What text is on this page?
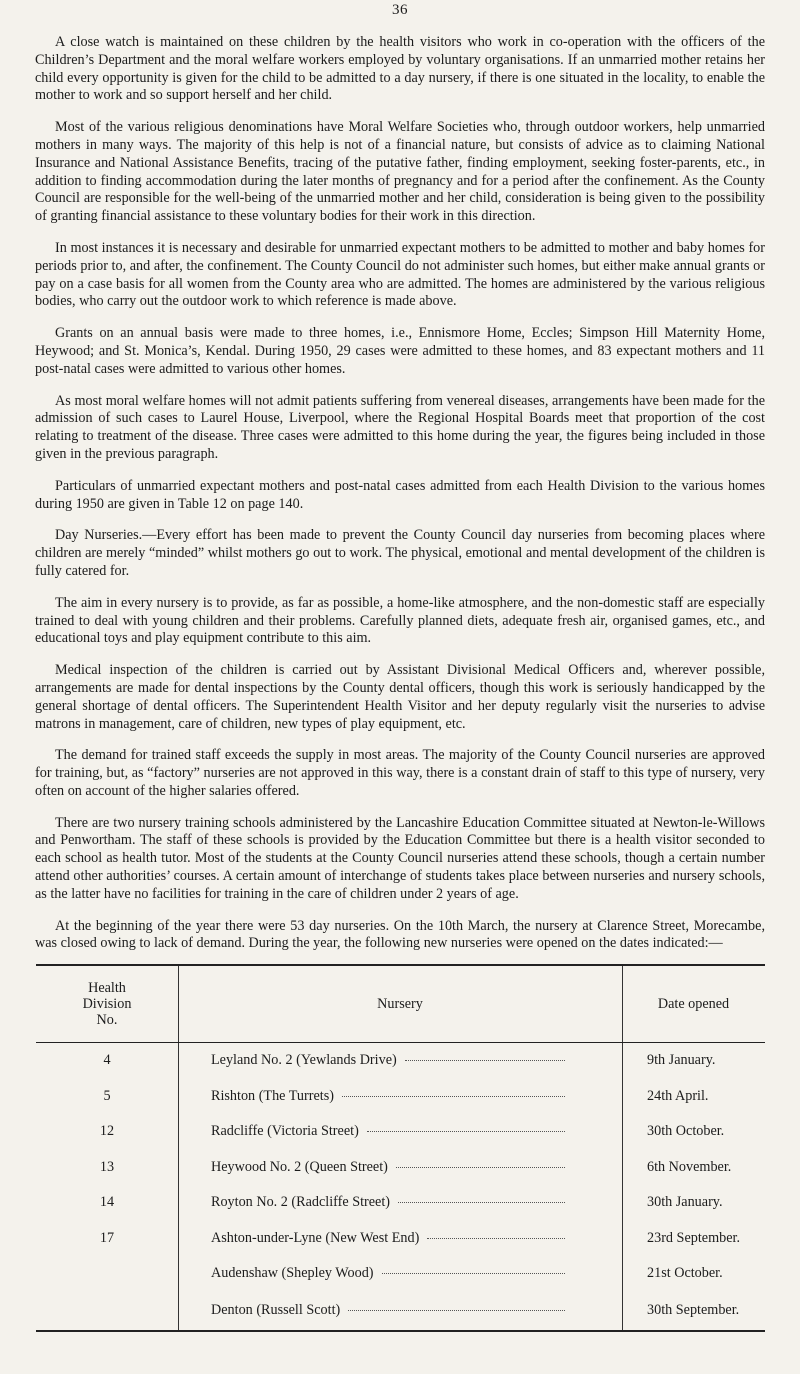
36

A close watch is maintained on these children by the health visitors who work in co-operation with the officers of the Children’s Department and the moral welfare workers employed by voluntary organisations. If an unmarried mother retains her child every opportunity is given for the child to be admitted to a day nursery, if there is one situated in the locality, to enable the mother to work and so support herself and her child.

Most of the various religious denominations have Moral Welfare Societies who, through outdoor workers, help unmarried mothers in many ways. The majority of this help is not of a financial nature, but consists of advice as to claiming National Insurance and National Assistance Benefits, tracing of the putative father, finding employment, seeking foster-parents, etc., in addition to finding accommodation during the later months of pregnancy and for a period after the confinement. As the County Council are responsible for the well-being of the unmarried mother and her child, consideration is being given to the possibility of granting financial assistance to these voluntary bodies for their work in this direction.

In most instances it is necessary and desirable for unmarried expectant mothers to be admitted to mother and baby homes for periods prior to, and after, the confinement. The County Council do not administer such homes, but either make annual grants or pay on a case basis for all women from the County area who are admitted. The homes are administered by the various religious bodies, who carry out the outdoor work to which reference is made above.

Grants on an annual basis were made to three homes, i.e., Ennismore Home, Eccles; Simpson Hill Maternity Home, Heywood; and St. Monica’s, Kendal. During 1950, 29 cases were admitted to these homes, and 83 expectant mothers and 11 post-natal cases were admitted to various other homes.

As most moral welfare homes will not admit patients suffering from venereal diseases, arrangements have been made for the admission of such cases to Laurel House, Liverpool, where the Regional Hospital Boards meet that proportion of the cost relating to treatment of the disease. Three cases were admitted to this home during the year, the figures being included in those given in the previous paragraph.

Particulars of unmarried expectant mothers and post-natal cases admitted from each Health Division to the various homes during 1950 are given in Table 12 on page 140.

Day Nurseries.—Every effort has been made to prevent the County Council day nurseries from becoming places where children are merely “minded” whilst mothers go out to work. The physical, emotional and mental development of the children is fully catered for.

The aim in every nursery is to provide, as far as possible, a home-like atmosphere, and the non-domestic staff are especially trained to deal with young children and their problems. Carefully planned diets, adequate fresh air, organised games, etc., and educational toys and play equipment contribute to this aim.

Medical inspection of the children is carried out by Assistant Divisional Medical Officers and, wherever possible, arrangements are made for dental inspections by the County dental officers, though this work is seriously handicapped by the general shortage of dental officers. The Superintendent Health Visitor and her deputy regularly visit the nurseries to advise matrons in management, care of children, new types of play equipment, etc.

The demand for trained staff exceeds the supply in most areas. The majority of the County Council nurseries are approved for training, but, as “factory” nurseries are not approved in this way, there is a constant drain of staff to this type of nursery, very often on account of the higher salaries offered.

There are two nursery training schools administered by the Lancashire Education Committee situated at Newton-le-Willows and Penwortham. The staff of these schools is provided by the Education Committee but there is a health visitor seconded to each school as health tutor. Most of the students at the County Council nurseries attend these schools, though a certain number attend other authorities’ courses. A certain amount of interchange of students takes place between nurseries and nursery schools, as the latter have no facilities for training in the care of children under 2 years of age.

At the beginning of the year there were 53 day nurseries. On the 10th March, the nursery at Clarence Street, Morecambe, was closed owing to lack of demand. During the year, the following new nurseries were opened on the dates indicated:—

Health
Division
No.	Nursery	Date opened
4	Leyland No. 2 (Yewlands Drive)	9th January.
5	Rishton (The Turrets)	24th April.
12	Radcliffe (Victoria Street)	30th October.
13	Heywood No. 2 (Queen Street)	6th November.
14	Royton No. 2 (Radcliffe Street)	30th January.
17	Ashton-under-Lyne (New West End)	23rd September.
	Audenshaw (Shepley Wood)	21st October.
	Denton (Russell Scott)	30th September.
